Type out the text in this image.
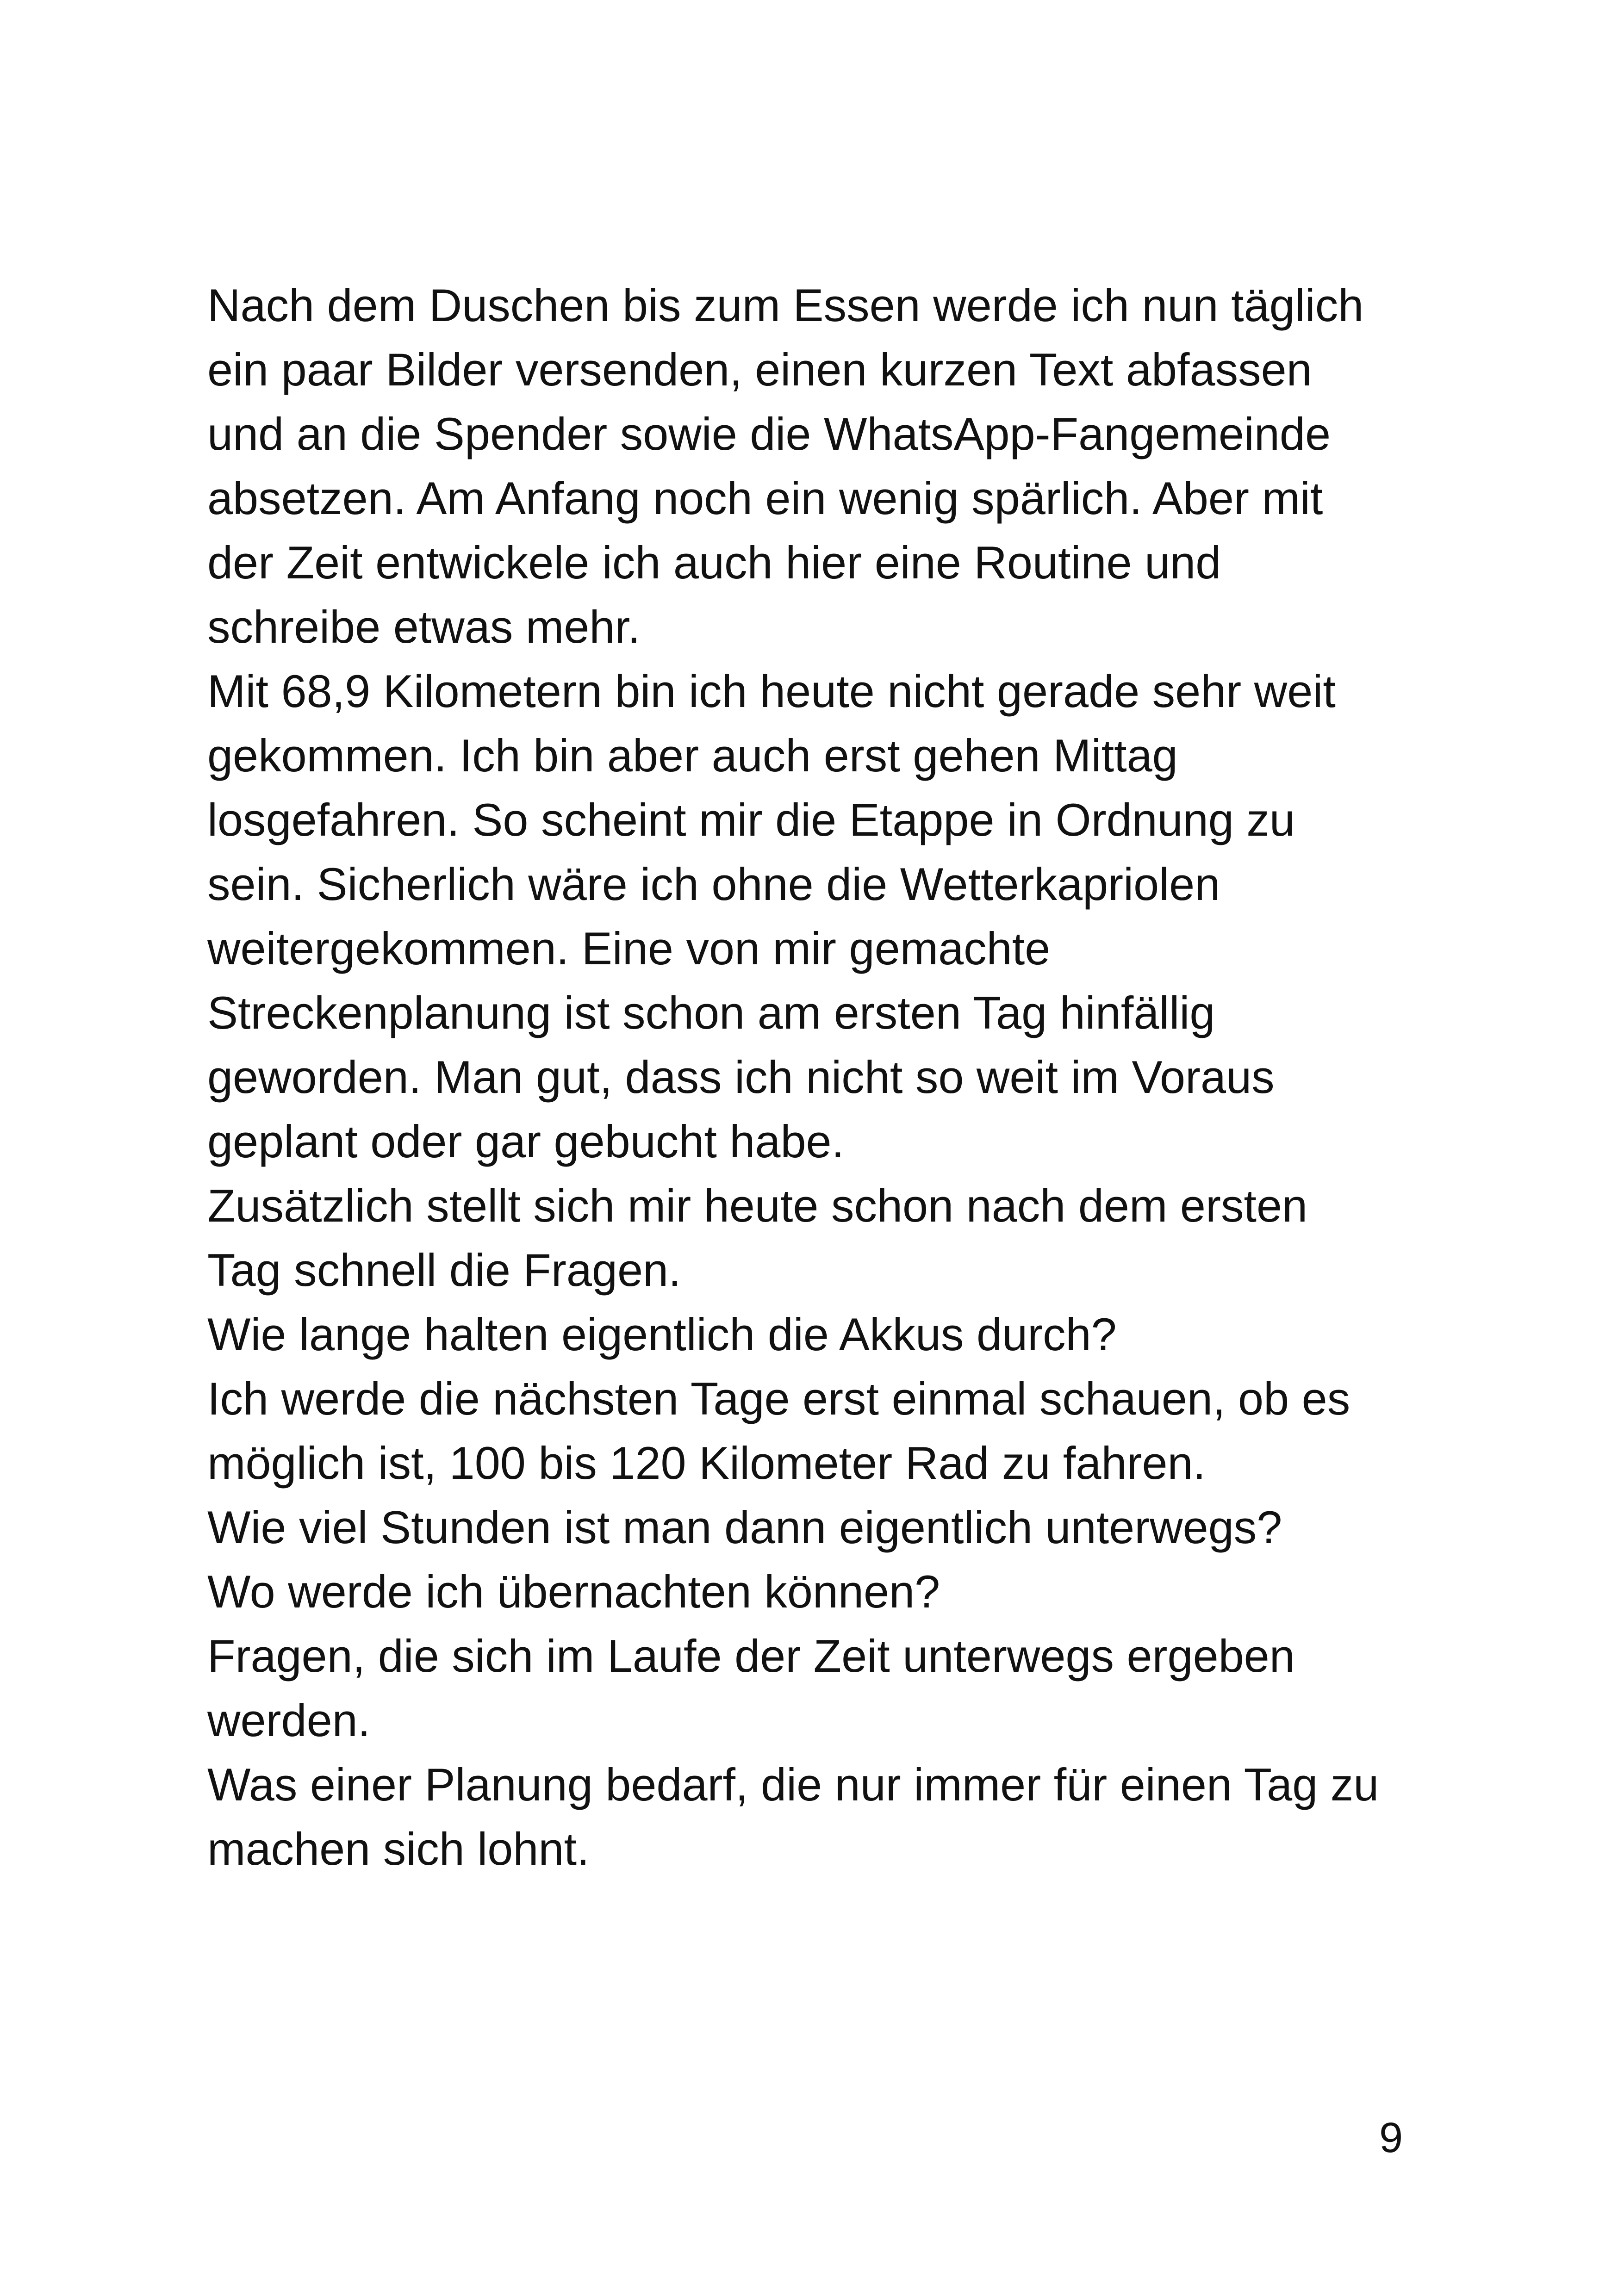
Nach dem Duschen bis zum Essen werde ich nun täglich
ein paar Bilder versenden, einen kurzen Text abfassen
und an die Spender sowie die WhatsApp-Fangemeinde
absetzen. Am Anfang noch ein wenig spärlich. Aber mit
der Zeit entwickele ich auch hier eine Routine und
schreibe etwas mehr.
Mit 68,9 Kilometern bin ich heute nicht gerade sehr weit
gekommen. Ich bin aber auch erst gehen Mittag
losgefahren. So scheint mir die Etappe in Ordnung zu
sein. Sicherlich wäre ich ohne die Wetterkapriolen
weitergekommen. Eine von mir gemachte
Streckenplanung ist schon am ersten Tag hinfällig
geworden. Man gut, dass ich nicht so weit im Voraus
geplant oder gar gebucht habe.
Zusätzlich stellt sich mir heute schon nach dem ersten
Tag schnell die Fragen.
Wie lange halten eigentlich die Akkus durch?
Ich werde die nächsten Tage erst einmal schauen, ob es
möglich ist, 100 bis 120 Kilometer Rad zu fahren.
Wie viel Stunden ist man dann eigentlich unterwegs?
Wo werde ich übernachten können?
Fragen, die sich im Laufe der Zeit unterwegs ergeben
werden.
Was einer Planung bedarf, die nur immer für einen Tag zu
machen sich lohnt.
9
